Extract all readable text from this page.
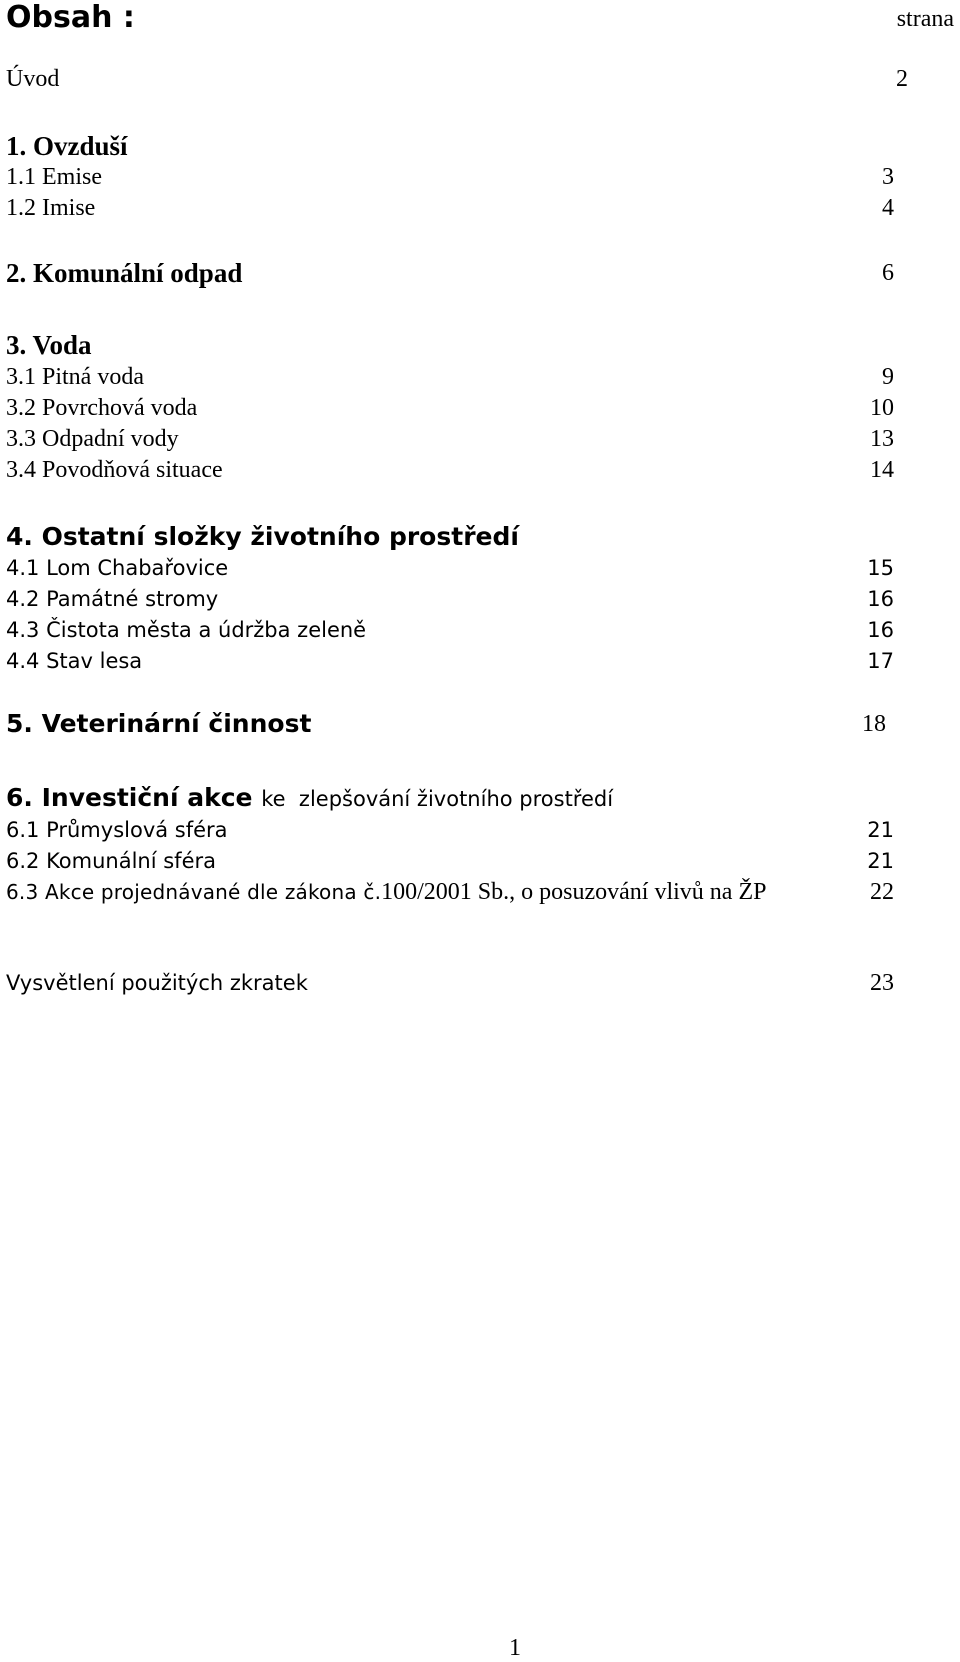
Obsah :	strana
Úvod	2
1. Ovzduší
1.1 Emise	3
1.2 Imise	4
2. Komunální odpad	6
3. Voda
3.1 Pitná voda	9
3.2 Povrchová voda	10
3.3 Odpadní vody	13
3.4 Povodňová situace	14
4. Ostatní složky životního prostředí
4.1 Lom Chabařovice	15
4.2 Památné stromy	16
4.3 Čistota města a údržba zeleně	16
4.4 Stav lesa	17
5. Veterinární činnost	18
6. Investiční akce ke  zlepšování životního prostředí
6.1 Průmyslová sféra	21
6.2 Komunální sféra	21
6.3 Akce projednávané dle zákona č.100/2001 Sb., o posuzování vlivů na ŽP	22
Vysvětlení použitých zkratek	23
1
